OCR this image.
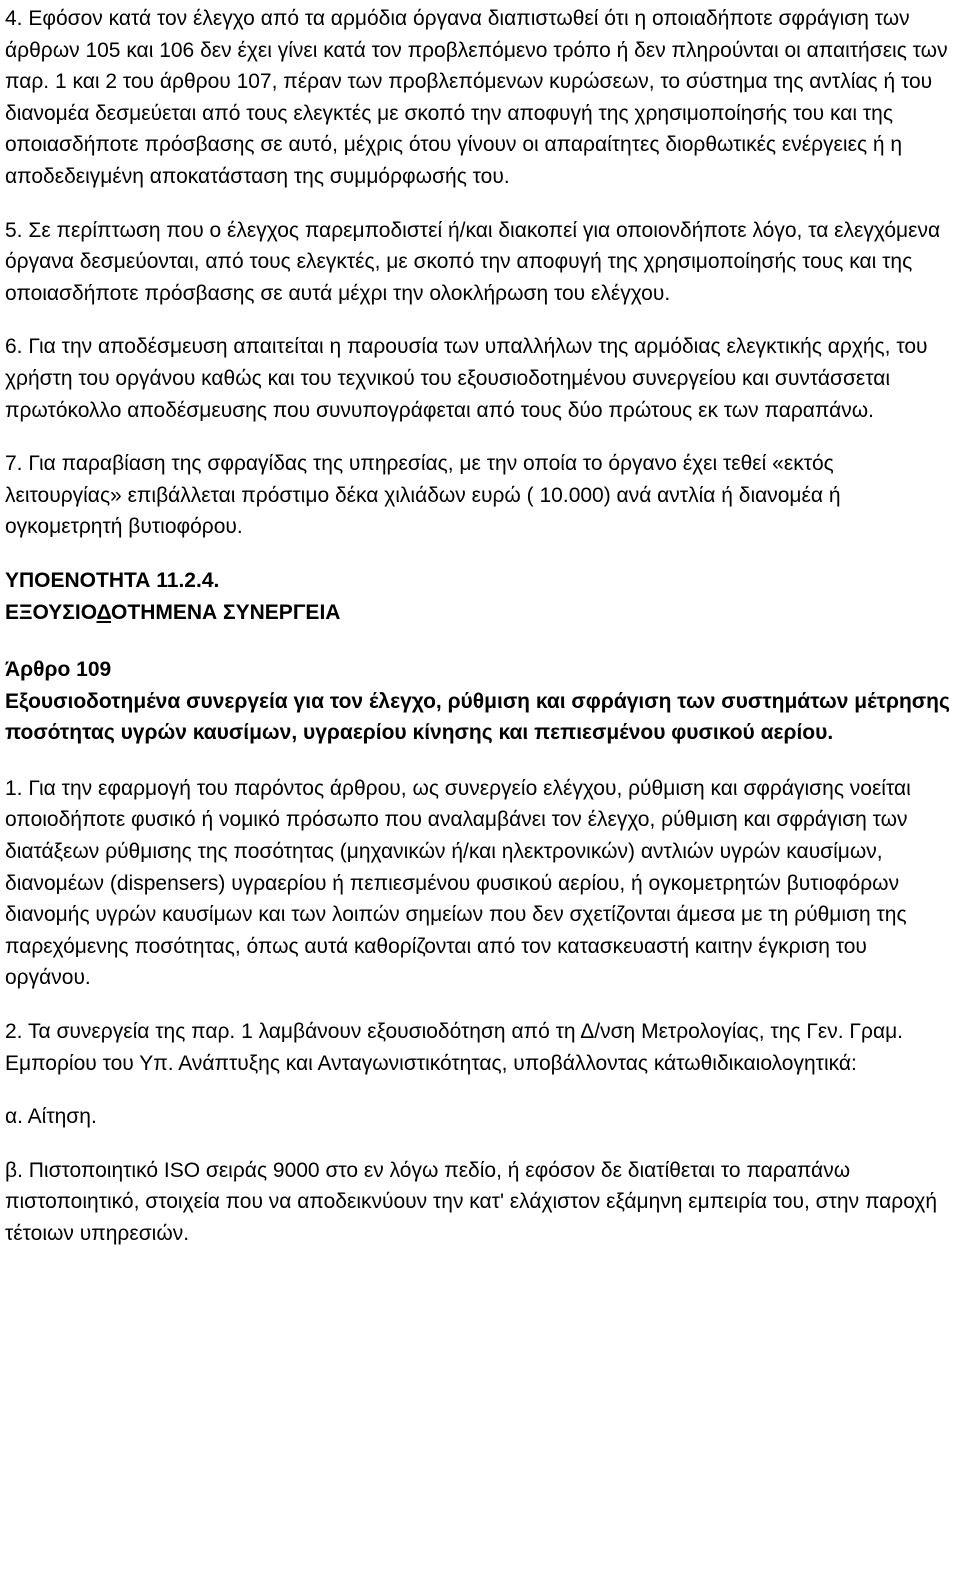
4. Εφόσον κατά τον έλεγχο από τα αρμόδια όργανα διαπιστωθεί ότι η οποιαδήποτε σφράγιση των άρθρων 105 και 106 δεν έχει γίνει κατά τον προβλεπόμενο τρόπο ή δεν πληρούνται οι απαιτήσεις των παρ. 1 και 2 του άρθρου 107, πέραν των προβλεπόμενων κυρώσεων, το σύστημα της αντλίας ή του διανομέα δεσμεύεται από τους ελεγκτές με σκοπό την αποφυγή της χρησιμοποίησής του και της οποιασδήποτε πρόσβασης σε αυτό, μέχρις ότου γίνουν οι απαραίτητες διορθωτικές ενέργειες ή η αποδεδειγμένη αποκατάσταση της συμμόρφωσής του.

5. Σε περίπτωση που ο έλεγχος παρεμποδιστεί ή/και διακοπεί για οποιονδήποτε λόγο, τα ελεγχόμενα όργανα δεσμεύονται, από τους ελεγκτές, με σκοπό την αποφυγή της χρησιμοποίησής τους και της οποιασδήποτε πρόσβασης σε αυτά μέχρι την ολοκλήρωση του ελέγχου.

6. Για την αποδέσμευση απαιτείται η παρουσία των υπαλλήλων της αρμόδιας ελεγκτικής αρχής, του χρήστη του οργάνου καθώς και του τεχνικού του εξουσιοδοτημένου συνεργείου και συντάσσεται πρωτόκολλο αποδέσμευσης που συνυπογράφεται από τους δύο πρώτους εκ των παραπάνω.

7. Για παραβίαση της σφραγίδας της υπηρεσίας, με την οποία το όργανο έχει τεθεί «εκτός λειτουργίας» επιβάλλεται πρόστιμο δέκα χιλιάδων ευρώ ( 10.000) ανά αντλία ή διανομέα ή ογκομετρητή βυτιοφόρου.

ΥΠΟΕΝΟΤΗΤΑ 11.2.4.
ΕΞΟΥΣΙΟΔΟΤΗΜΕΝΑ ΣΥΝΕΡΓΕΙΑ
Άρθρο 109
Εξουσιοδοτημένα συνεργεία για τον έλεγχο, ρύθμιση και σφράγιση των συστημάτων μέτρησης ποσότητας υγρών καυσίμων, υγραερίου κίνησης και πεπιεσμένου φυσικού αερίου.

1. Για την εφαρμογή του παρόντος άρθρου, ως συνεργείο ελέγχου, ρύθμιση και σφράγισης νοείται οποιοδήποτε φυσικό ή νομικό πρόσωπο που αναλαμβάνει τον έλεγχο, ρύθμιση και σφράγιση των διατάξεων ρύθμισης της ποσότητας (μηχανικών ή/και ηλεκτρονικών) αντλιών υγρών καυσίμων, διανομέων (dispensers) υγραερίου ή πεπιεσμένου φυσικού αερίου, ή ογκομετρητών βυτιοφόρων διανομής υγρών καυσίμων και των λοιπών σημείων που δεν σχετίζονται άμεσα με τη ρύθμιση της παρεχόμενης ποσότητας, όπως αυτά καθορίζονται από τον κατασκευαστή καιτην έγκριση του οργάνου.

2. Τα συνεργεία της παρ. 1 λαμβάνουν εξουσιοδότηση από τη Δ/νση Μετρολογίας, της Γεν. Γραμ. Εμπορίου του Υπ. Ανάπτυξης και Ανταγωνιστικότητας, υποβάλλοντας κάτωθιδικαιολογητικά:

α. Αίτηση.

β. Πιστοποιητικό ISO σειράς 9000 στο εν λόγω πεδίο, ή εφόσον δε διατίθεται το παραπάνω πιστοποιητικό, στοιχεία που να αποδεικνύουν την κατ' ελάχιστον εξάμηνη εμπειρία του, στην παροχή τέτοιων υπηρεσιών.
